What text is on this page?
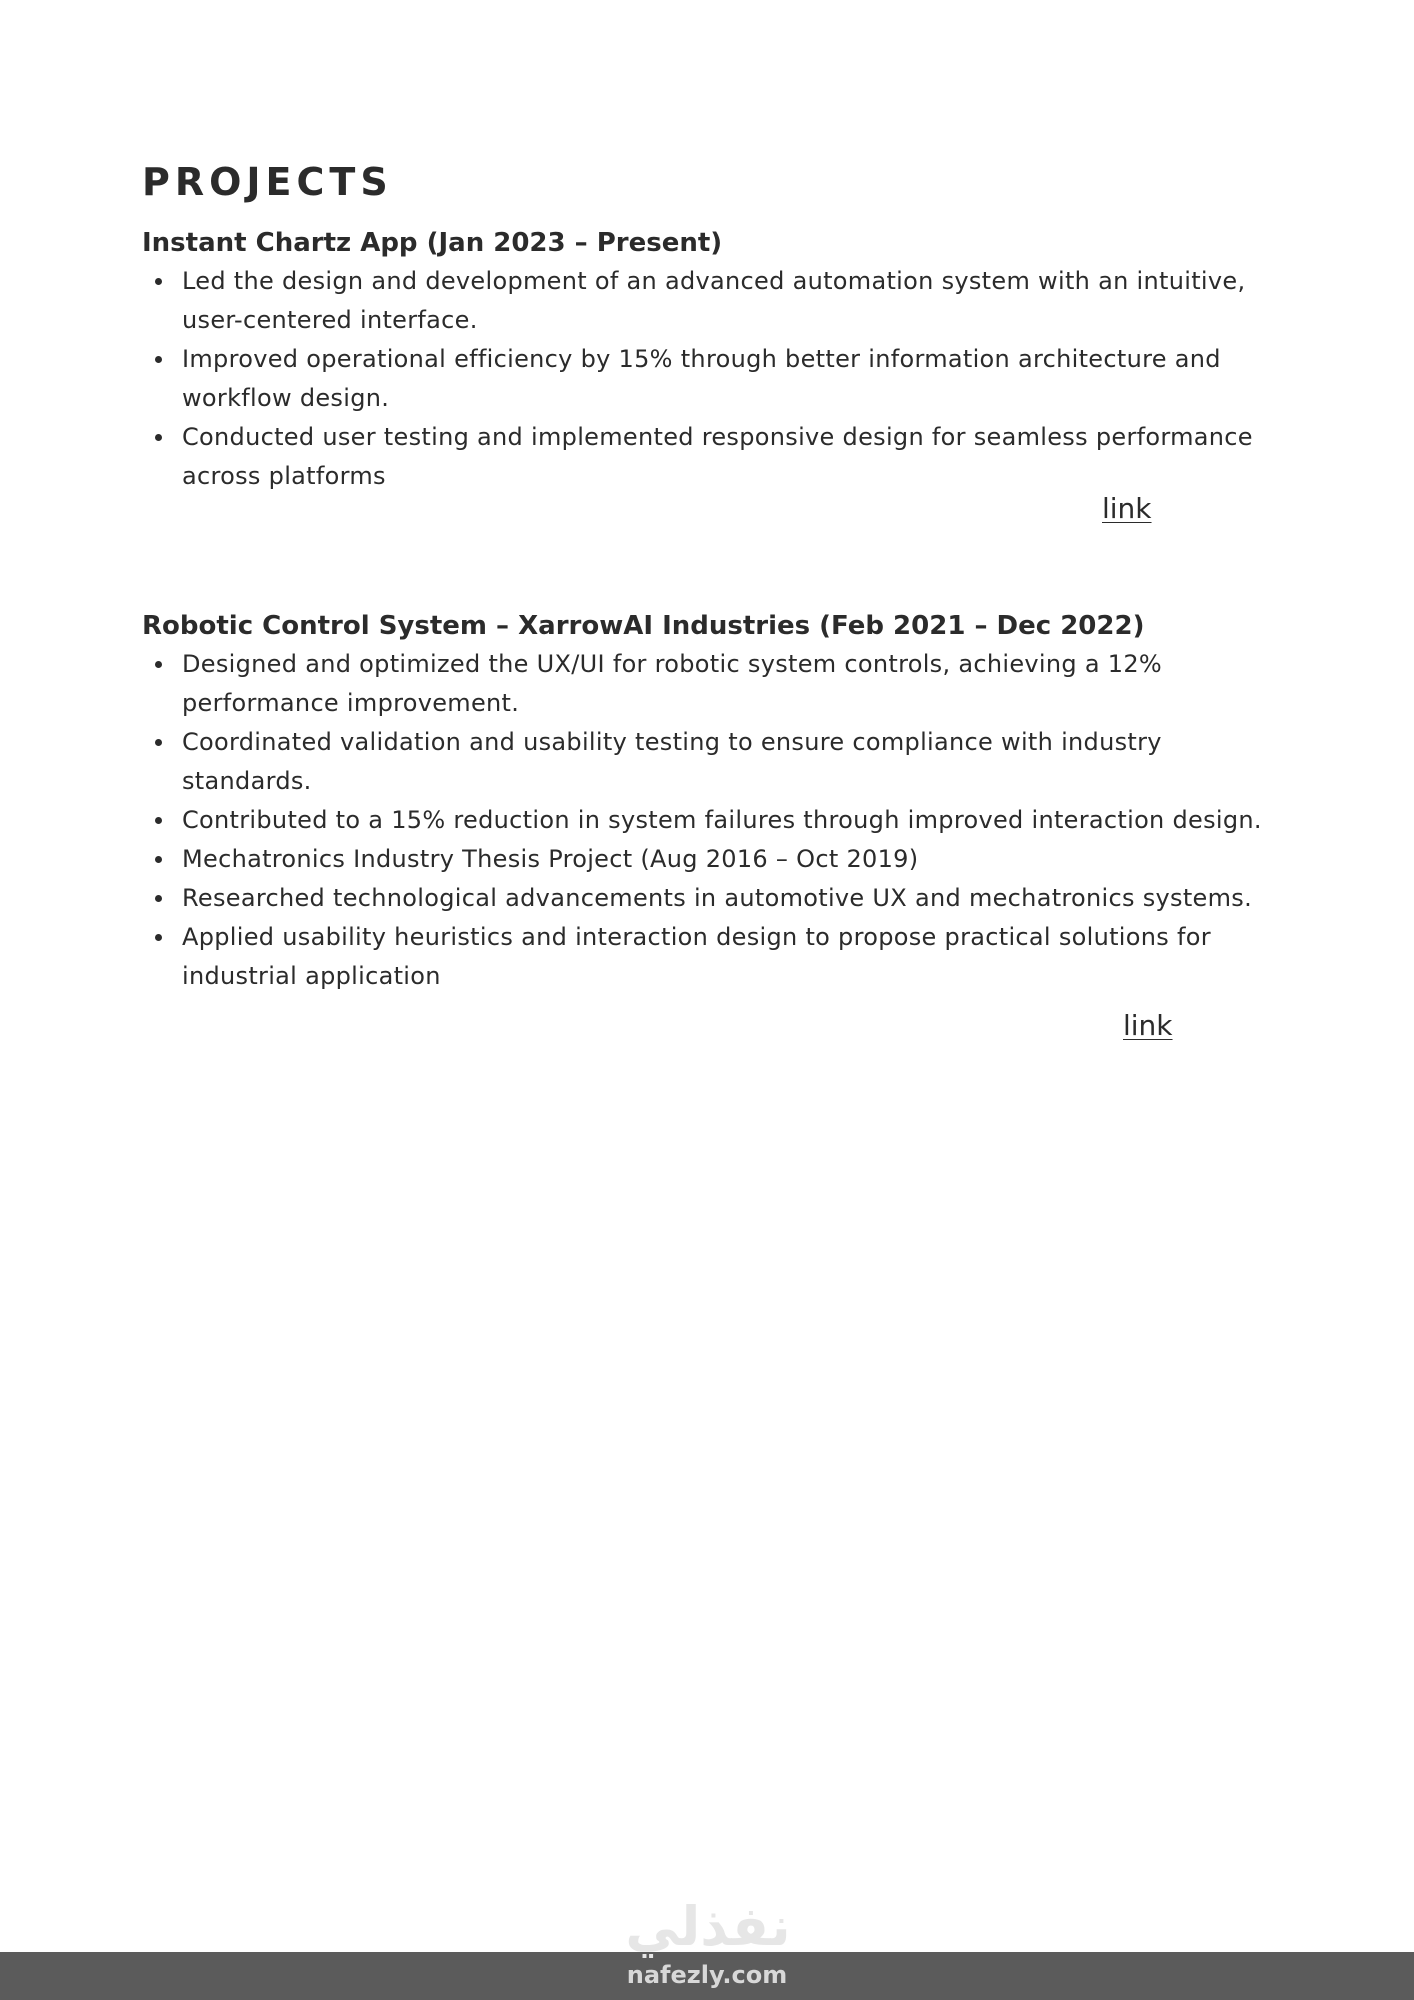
PROJECTS
Instant Chartz App (Jan 2023 – Present)
Led the design and development of an advanced automation system with an intuitive,
user-centered interface.
Improved operational efficiency by 15% through better information architecture and
workflow design.
Conducted user testing and implemented responsive design for seamless performance
across platforms
Robotic Control System – XarrowAI Industries (Feb 2021 – Dec 2022)
Designed and optimized the UX/UI for robotic system controls, achieving a 12%
performance improvement.
Coordinated validation and usability testing to ensure compliance with industry
standards.
Contributed to a 15% reduction in system failures through improved interaction design.
Mechatronics Industry Thesis Project (Aug 2016 – Oct 2019)
Researched technological advancements in automotive UX and mechatronics systems.
Applied usability heuristics and interaction design to propose practical solutions for
industrial application
link
link
نفذلي
nafezly.com
